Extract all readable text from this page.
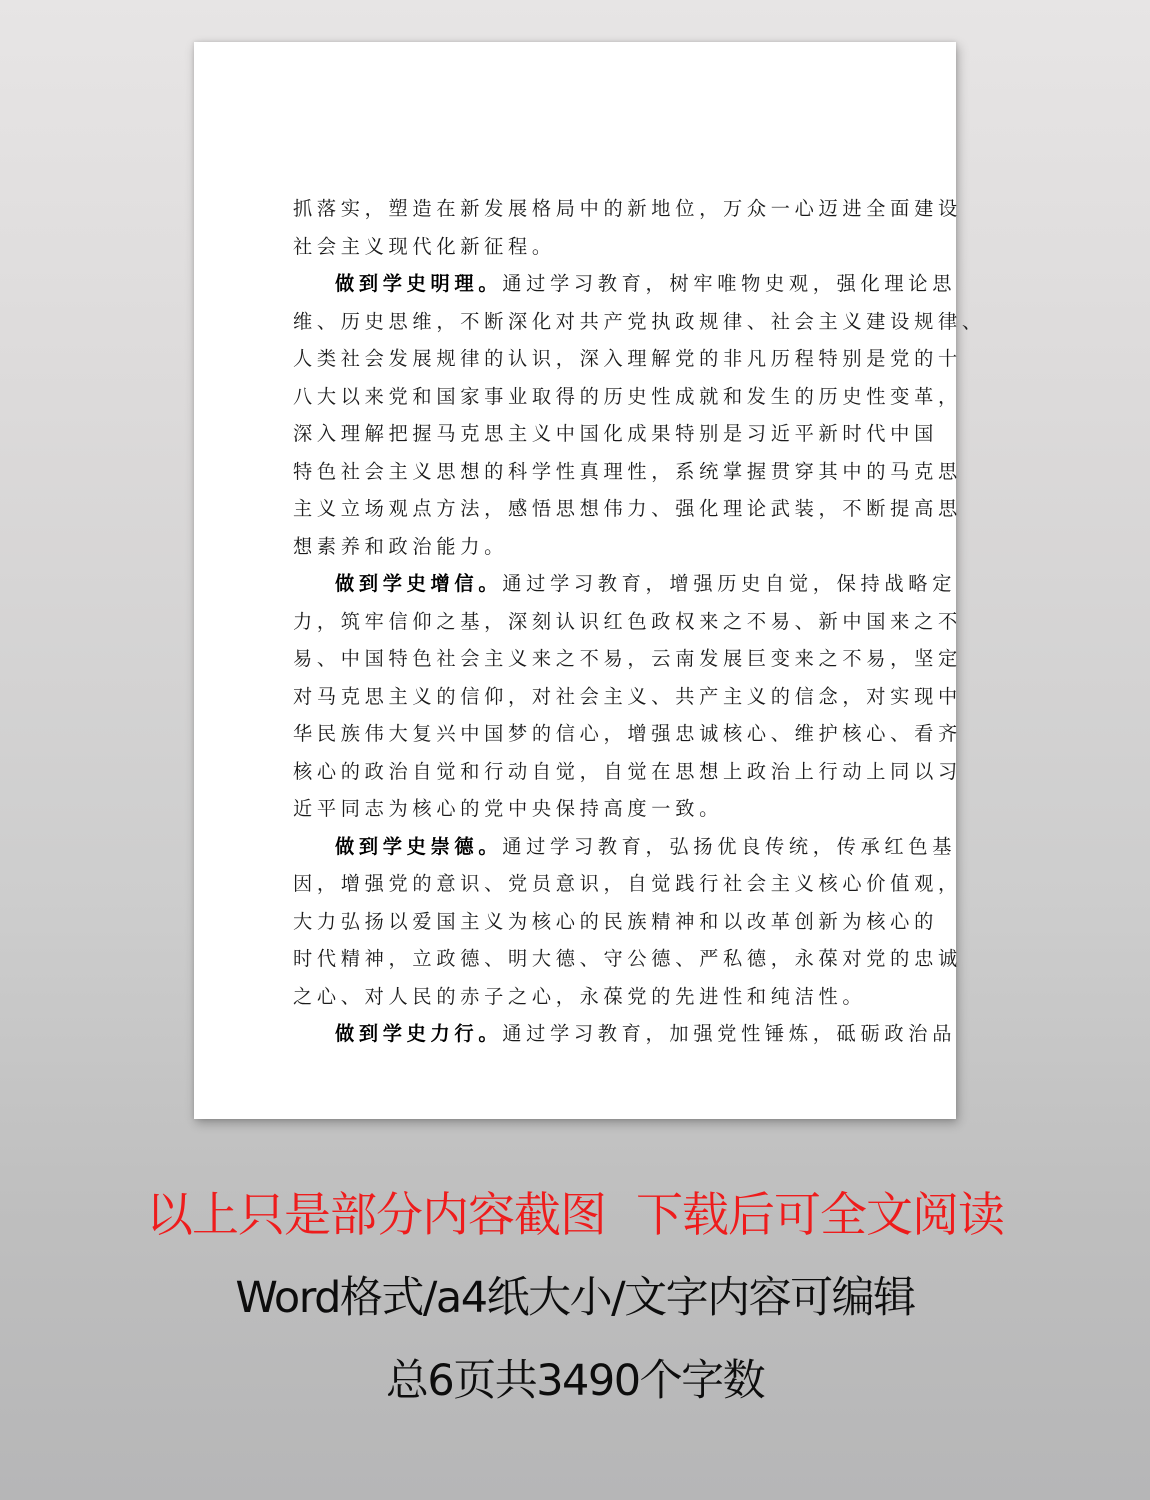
抓落实，塑造在新发展格局中的新地位，万众一心迈进全面建设
社会主义现代化新征程。

做到学史明理。通过学习教育，树牢唯物史观，强化理论思
维、历史思维，不断深化对共产党执政规律、社会主义建设规律、
人类社会发展规律的认识，深入理解党的非凡历程特别是党的十
八大以来党和国家事业取得的历史性成就和发生的历史性变革，
深入理解把握马克思主义中国化成果特别是习近平新时代中国
特色社会主义思想的科学性真理性，系统掌握贯穿其中的马克思
主义立场观点方法，感悟思想伟力、强化理论武装，不断提高思
想素养和政治能力。

做到学史增信。通过学习教育，增强历史自觉，保持战略定
力，筑牢信仰之基，深刻认识红色政权来之不易、新中国来之不
易、中国特色社会主义来之不易，云南发展巨变来之不易，坚定
对马克思主义的信仰，对社会主义、共产主义的信念，对实现中
华民族伟大复兴中国梦的信心，增强忠诚核心、维护核心、看齐
核心的政治自觉和行动自觉，自觉在思想上政治上行动上同以习
近平同志为核心的党中央保持高度一致。

做到学史崇德。通过学习教育，弘扬优良传统，传承红色基
因，增强党的意识、党员意识，自觉践行社会主义核心价值观，
大力弘扬以爱国主义为核心的民族精神和以改革创新为核心的
时代精神，立政德、明大德、守公德、严私德，永葆对党的忠诚
之心、对人民的赤子之心，永葆党的先进性和纯洁性。

做到学史力行。通过学习教育，加强党性锤炼，砥砺政治品

以上只是部分内容截图 下载后可全文阅读
Word格式/a4纸大小/文字内容可编辑
总6页共3490个字数
